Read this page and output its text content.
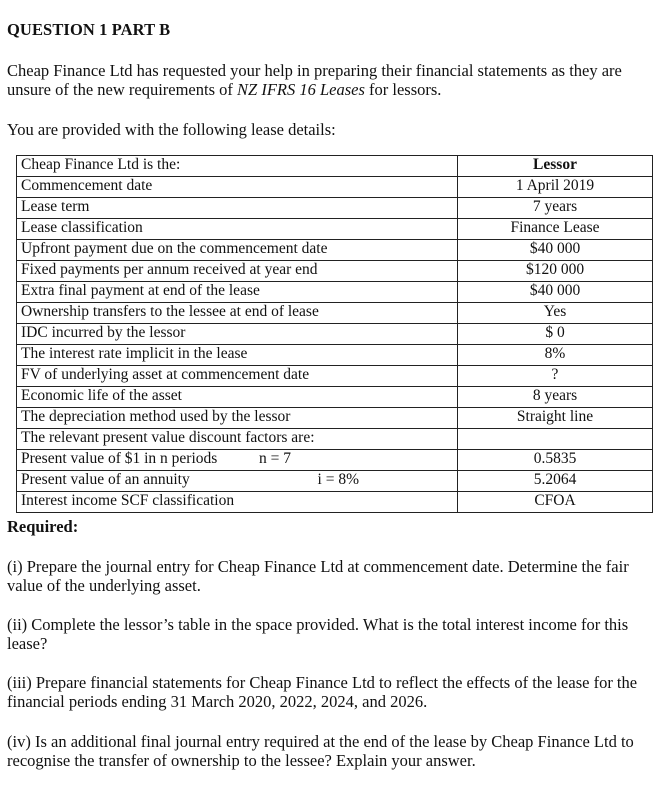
QUESTION 1 PART B
Cheap Finance Ltd has requested your help in preparing their financial statements as they are unsure of the new requirements of NZ IFRS 16 Leases for lessors.
You are provided with the following lease details:
Cheap Finance Ltd is the:	Lessor
Commencement date	1 April 2019
Lease term	7 years
Lease classification	Finance Lease
Upfront payment due on the commencement date	$40 000
Fixed payments per annum received at year end	$120 000
Extra final payment at end of the lease	$40 000
Ownership transfers to the lessee at end of lease	Yes
IDC incurred by the lessor	$ 0
The interest rate implicit in the lease	8%
FV of underlying asset at commencement date	?
Economic life of the asset	8 years
The depreciation method used by the lessor	Straight line
The relevant present value discount factors are:	

Present value of $1 in n periods n = 7	0.5835

Present value of an annuity i = 8%	5.2064
Interest income SCF classification	CFOA
Required:
(i) Prepare the journal entry for Cheap Finance Ltd at commencement date. Determine the fair value of the underlying asset.
(ii) Complete the lessor’s table in the space provided. What is the total interest income for this lease?
(iii) Prepare financial statements for Cheap Finance Ltd to reflect the effects of the lease for the financial periods ending 31 March 2020, 2022, 2024, and 2026.
(iv) Is an additional final journal entry required at the end of the lease by Cheap Finance Ltd to recognise the transfer of ownership to the lessee? Explain your answer.
